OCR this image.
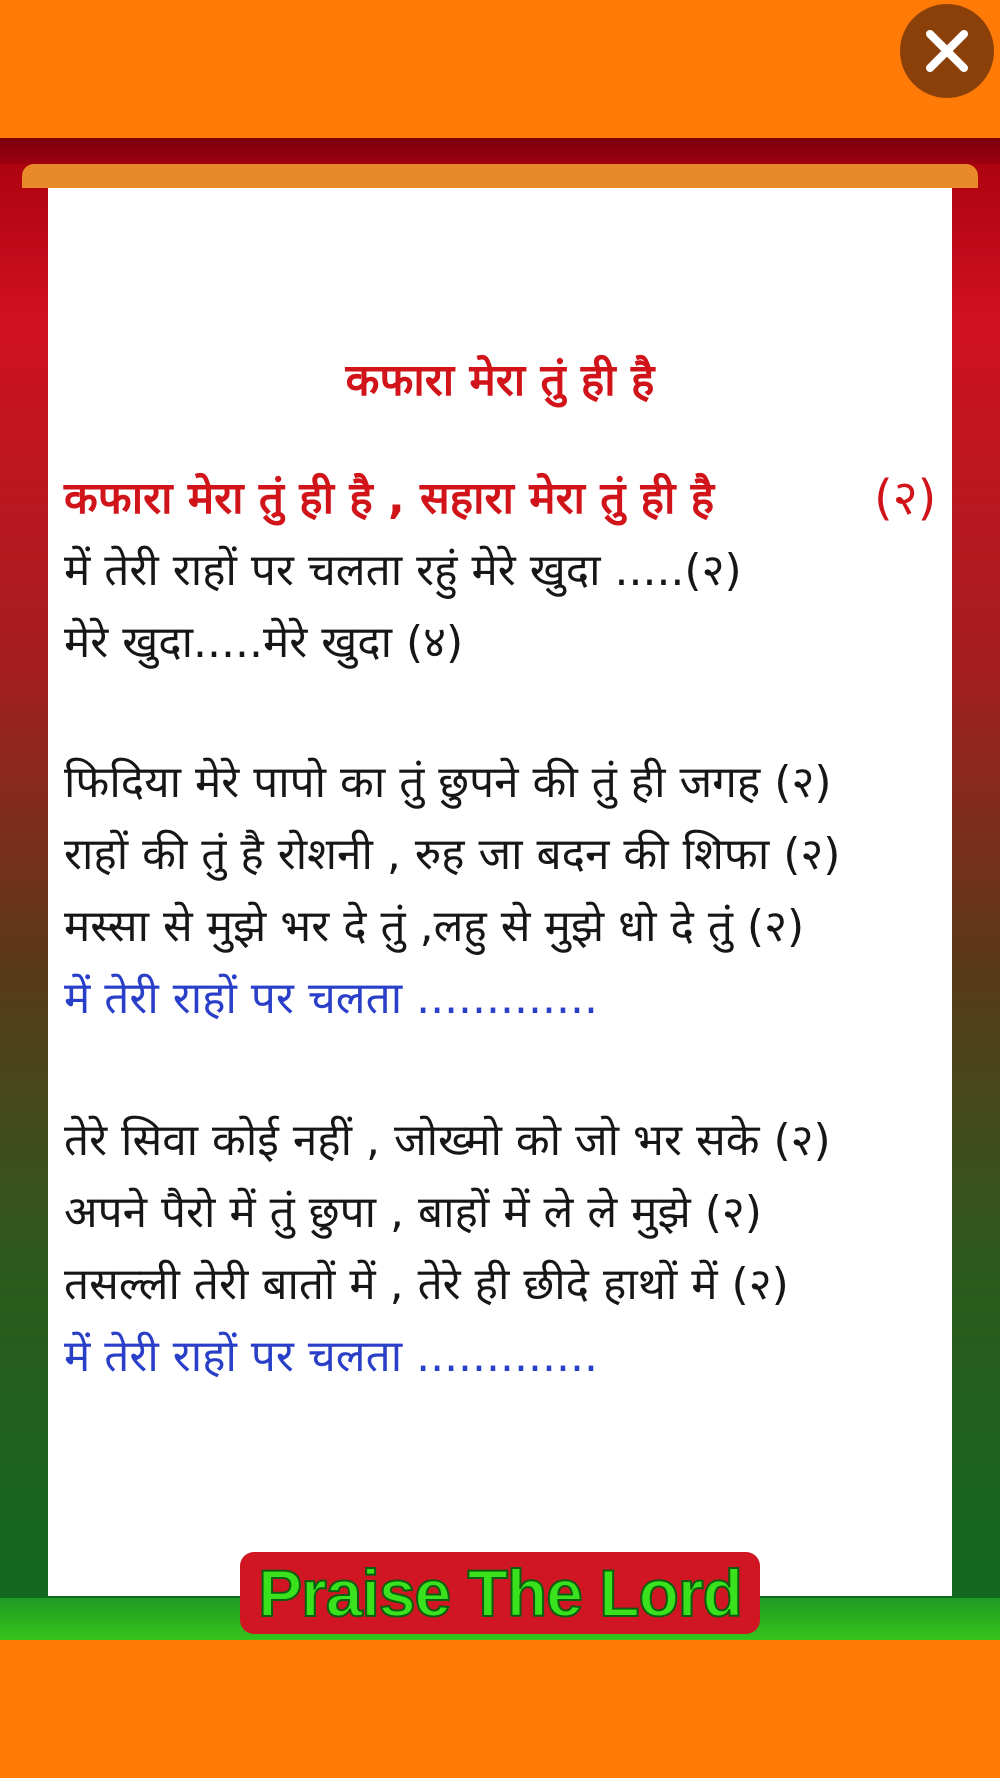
कफारा मेरा तुं ही है
कफारा मेरा तुं ही है , सहारा मेरा तुं ही है	(२)
में तेरी राहों पर चलता रहुं मेरे खुदा .....(२)
मेरे खुदा.....मेरे खुदा (४)
फिदिया मेरे पापो का तुं छुपने की तुं ही जगह (२)
राहों की तुं है रोशनी , रुह जा बदन की शिफा (२)
मस्सा से मुझे भर दे तुं ,लहु से मुझे धो दे तुं (२)
में तेरी राहों पर चलता .............
तेरे सिवा कोई नहीं , जोख्मो को जो भर सके (२)
अपने पैरो में तुं छुपा , बाहों में ले ले मुझे (२)
तसल्ली तेरी बातों में , तेरे ही छीदे हाथों में (२)
में तेरी राहों पर चलता .............
Praise The Lord
